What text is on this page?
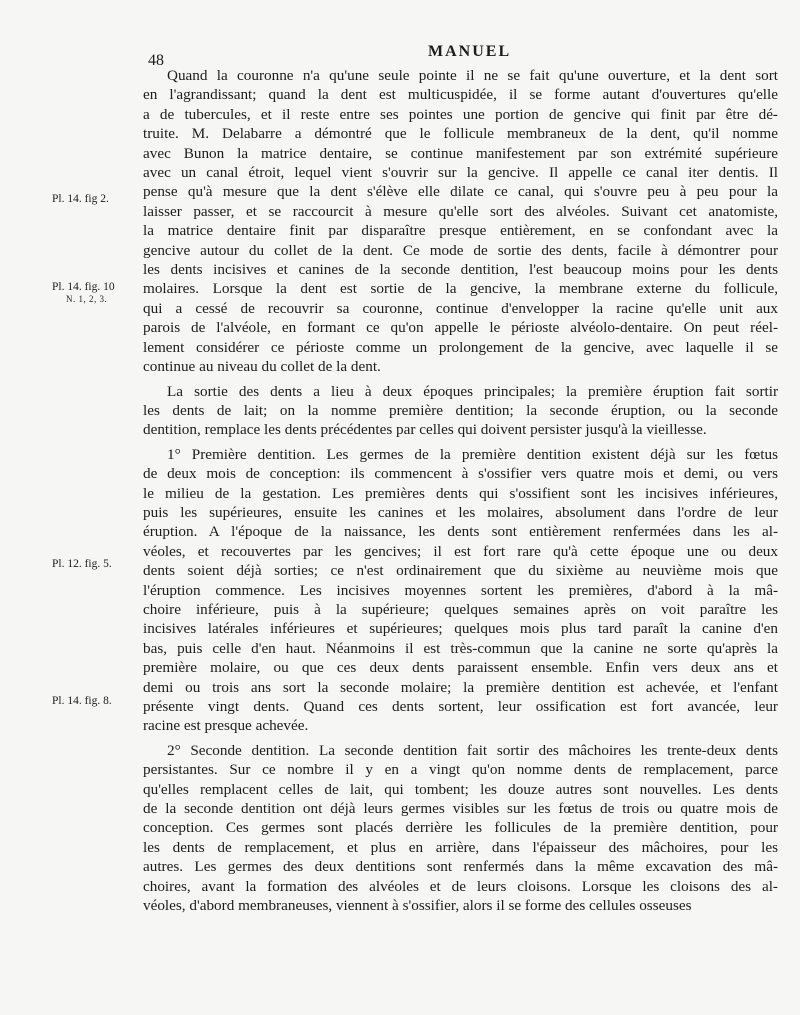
48
MANUEL
Pl. 14. fig 2.
Pl. 14. fig. 10
N. 1, 2, 3.
Pl. 12. fig. 5.
Pl. 14. fig. 8.

Quand la couronne n'a qu'une seule pointe il ne se fait qu'une ouverture, et la dent sort
en l'agrandissant; quand la dent est multicuspidée, il se forme autant d'ouvertures qu'elle
a de tubercules, et il reste entre ses pointes une portion de gencive qui finit par être dé-
truite. M. Delabarre a démontré que le follicule membraneux de la dent, qu'il nomme
avec Bunon la matrice dentaire, se continue manifestement par son extrémité supérieure
avec un canal étroit, lequel vient s'ouvrir sur la gencive. Il appelle ce canal iter dentis. Il
pense qu'à mesure que la dent s'élève elle dilate ce canal, qui s'ouvre peu à peu pour la
laisser passer, et se raccourcit à mesure qu'elle sort des alvéoles. Suivant cet anatomiste,
la matrice dentaire finit par disparaître presque entièrement, en se confondant avec la
gencive autour du collet de la dent. Ce mode de sortie des dents, facile à démontrer pour
les dents incisives et canines de la seconde dentition, l'est beaucoup moins pour les dents
molaires. Lorsque la dent est sortie de la gencive, la membrane externe du follicule,
qui a cessé de recouvrir sa couronne, continue d'envelopper la racine qu'elle unit aux
parois de l'alvéole, en formant ce qu'on appelle le périoste alvéolo-dentaire. On peut réel-
lement considérer ce périoste comme un prolongement de la gencive, avec laquelle il se
continue au niveau du collet de la dent.

La sortie des dents a lieu à deux époques principales; la première éruption fait sortir
les dents de lait; on la nomme première dentition; la seconde éruption, ou la seconde
dentition, remplace les dents précédentes par celles qui doivent persister jusqu'à la vieillesse.

1° Première dentition. Les germes de la première dentition existent déjà sur les fœtus
de deux mois de conception: ils commencent à s'ossifier vers quatre mois et demi, ou vers
le milieu de la gestation. Les premières dents qui s'ossifient sont les incisives inférieures,
puis les supérieures, ensuite les canines et les molaires, absolument dans l'ordre de leur
éruption. A l'époque de la naissance, les dents sont entièrement renfermées dans les al-
véoles, et recouvertes par les gencives; il est fort rare qu'à cette époque une ou deux
dents soient déjà sorties; ce n'est ordinairement que du sixième au neuvième mois que
l'éruption commence. Les incisives moyennes sortent les premières, d'abord à la mâ-
choire inférieure, puis à la supérieure; quelques semaines après on voit paraître les
incisives latérales inférieures et supérieures; quelques mois plus tard paraît la canine d'en
bas, puis celle d'en haut. Néanmoins il est très-commun que la canine ne sorte qu'après la
première molaire, ou que ces deux dents paraissent ensemble. Enfin vers deux ans et
demi ou trois ans sort la seconde molaire; la première dentition est achevée, et l'enfant
présente vingt dents. Quand ces dents sortent, leur ossification est fort avancée, leur
racine est presque achevée.

2° Seconde dentition. La seconde dentition fait sortir des mâchoires les trente-deux dents
persistantes. Sur ce nombre il y en a vingt qu'on nomme dents de remplacement, parce
qu'elles remplacent celles de lait, qui tombent; les douze autres sont nouvelles. Les dents
de la seconde dentition ont déjà leurs germes visibles sur les fœtus de trois ou quatre mois de
conception. Ces germes sont placés derrière les follicules de la première dentition, pour
les dents de remplacement, et plus en arrière, dans l'épaisseur des mâchoires, pour les
autres. Les germes des deux dentitions sont renfermés dans la même excavation des mâ-
choires, avant la formation des alvéoles et de leurs cloisons. Lorsque les cloisons des al-
véoles, d'abord membraneuses, viennent à s'ossifier, alors il se forme des cellules osseuses
